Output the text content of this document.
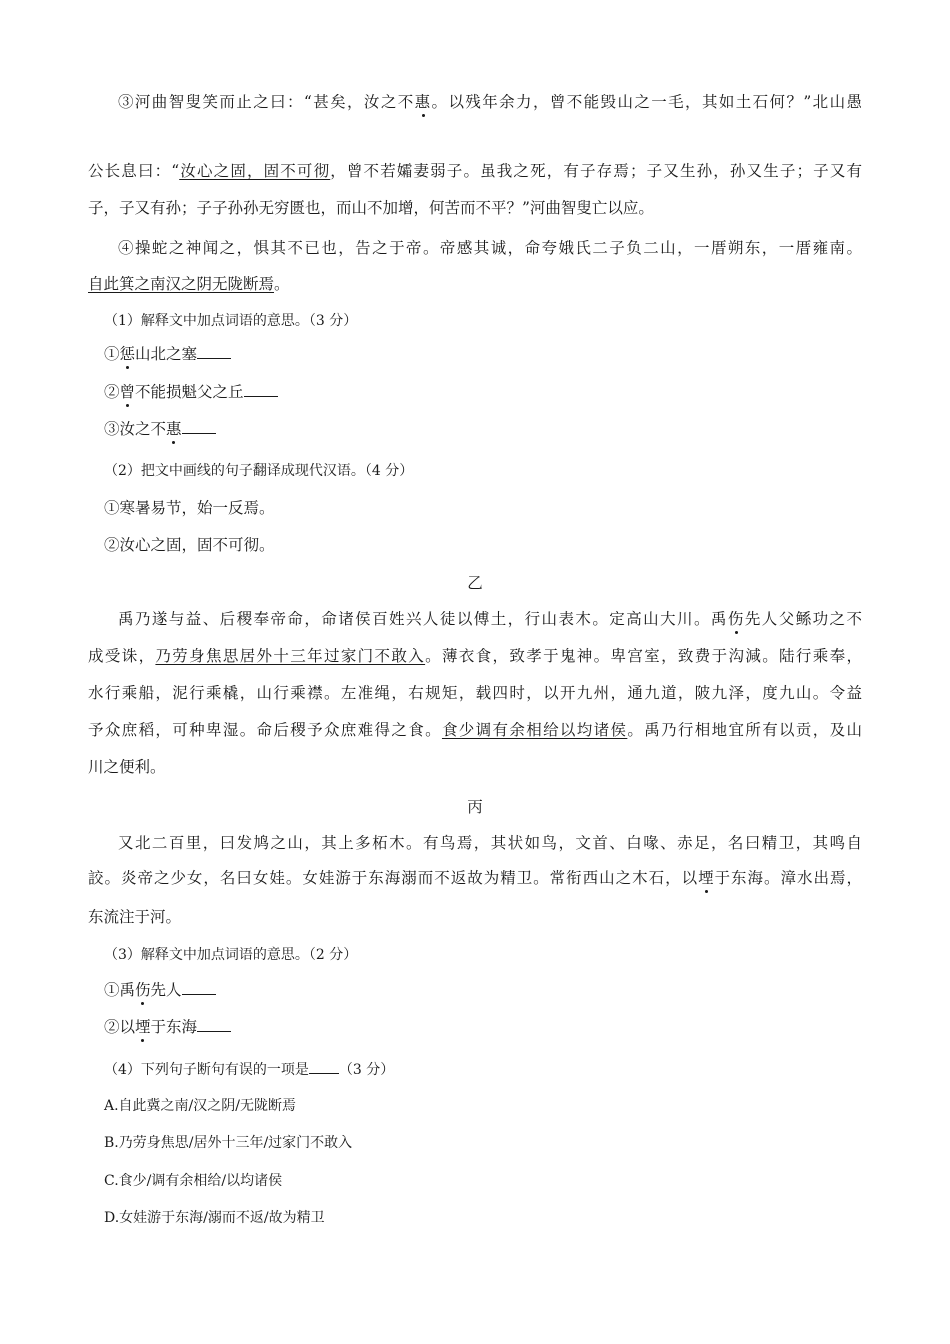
③河曲智叟笑而止之曰：“甚矣，汝之不惠。以残年余力，曾不能毁山之一毛，其如土石何？”北山愚
公长息曰：“汝心之固，固不可彻，曾不若孀妻弱子。虽我之死，有子存焉；子又生孙，孙又生子；子又有
子，子又有孙；子子孙孙无穷匮也，而山不加增，何苦而不平？”河曲智叟亡以应。
④操蛇之神闻之，惧其不已也，告之于帝。帝感其诚，命夸娥氏二子负二山，一厝朔东，一厝雍南。
自此箕之南汉之阴无陇断焉。
（1）解释文中加点词语的意思。（3 分）
①惩山北之塞
②曾不能损魁父之丘
③汝之不惠
（2）把文中画线的句子翻译成现代汉语。（4 分）
①寒暑易节，始一反焉。
②汝心之固，固不可彻。
乙
禹乃遂与益、后稷奉帝命，命诸侯百姓兴人徒以傅土，行山表木。定高山大川。禹伤先人父鲧功之不
成受诛，乃劳身焦思居外十三年过家门不敢入。薄衣食，致孝于鬼神。卑宫室，致费于沟減。陆行乘奉，
水行乘船，泥行乘橇，山行乘襟。左准绳，右规矩，载四时，以开九州，通九道，陂九泽，度九山。令益
予众庶稻，可种卑湿。命后稷予众庶难得之食。食少调有余相给以均诸侯。禹乃行相地宜所有以贡，及山
川之便利。
丙
又北二百里，曰发鸠之山，其上多柘木。有鸟焉，其状如鸟，文首、白喙、赤足，名曰精卫，其鸣自
詨。炎帝之少女，名曰女娃。女娃游于东海溺而不返故为精卫。常衔西山之木石，以堙于东海。漳水出焉，
东流注于河。
（3）解释文中加点词语的意思。（2 分）
①禹伤先人
②以堙于东海
（4）下列句子断句有误的一项是 （3 分）
A.自此冀之南/汉之阴/无陇断焉
B.乃劳身焦思/居外十三年/过家门不敢入
C.食少/调有余相给/以均诸侯
D.女娃游于东海/溺而不返/故为精卫
